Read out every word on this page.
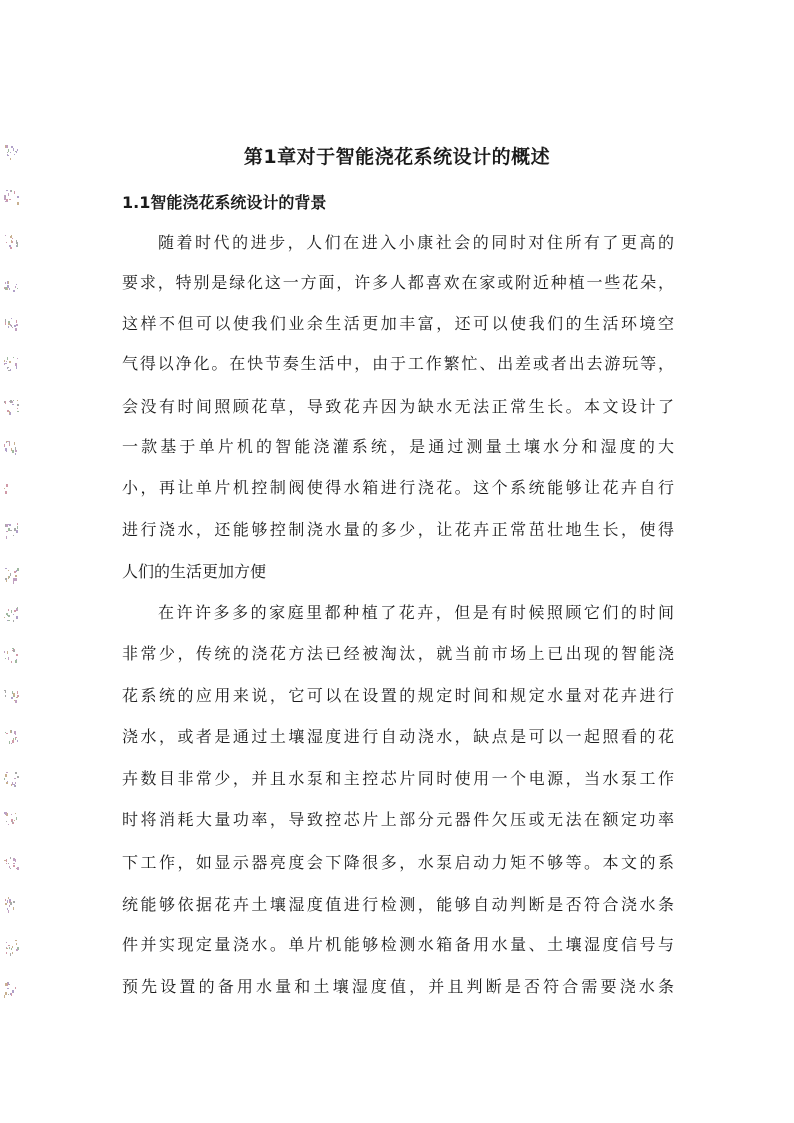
第1章对于智能浇花系统设计的概述
1.1智能浇花系统设计的背景
随着时代的进步，人们在进入小康社会的同时对住所有了更高的
要求，特别是绿化这一方面，许多人都喜欢在家或附近种植一些花朵，
这样不但可以使我们业余生活更加丰富，还可以使我们的生活环境空
气得以净化。在快节奏生活中，由于工作繁忙、出差或者出去游玩等，
会没有时间照顾花草，导致花卉因为缺水无法正常生长。本文设计了
一款基于单片机的智能浇灌系统，是通过测量土壤水分和湿度的大
小，再让单片机控制阀使得水箱进行浇花。这个系统能够让花卉自行
进行浇水，还能够控制浇水量的多少，让花卉正常茁壮地生长，使得
人们的生活更加方便
在许许多多的家庭里都种植了花卉，但是有时候照顾它们的时间
非常少，传统的浇花方法已经被淘汰，就当前市场上已出现的智能浇
花系统的应用来说，它可以在设置的规定时间和规定水量对花卉进行
浇水，或者是通过土壤湿度进行自动浇水，缺点是可以一起照看的花
卉数目非常少，并且水泵和主控芯片同时使用一个电源，当水泵工作
时将消耗大量功率，导致控芯片上部分元器件欠压或无法在额定功率
下工作，如显示器亮度会下降很多，水泵启动力矩不够等。本文的系
统能够依据花卉土壤湿度值进行检测，能够自动判断是否符合浇水条
件并实现定量浇水。单片机能够检测水箱备用水量、土壤湿度信号与
预先设置的备用水量和土壤湿度值，并且判断是否符合需要浇水条
